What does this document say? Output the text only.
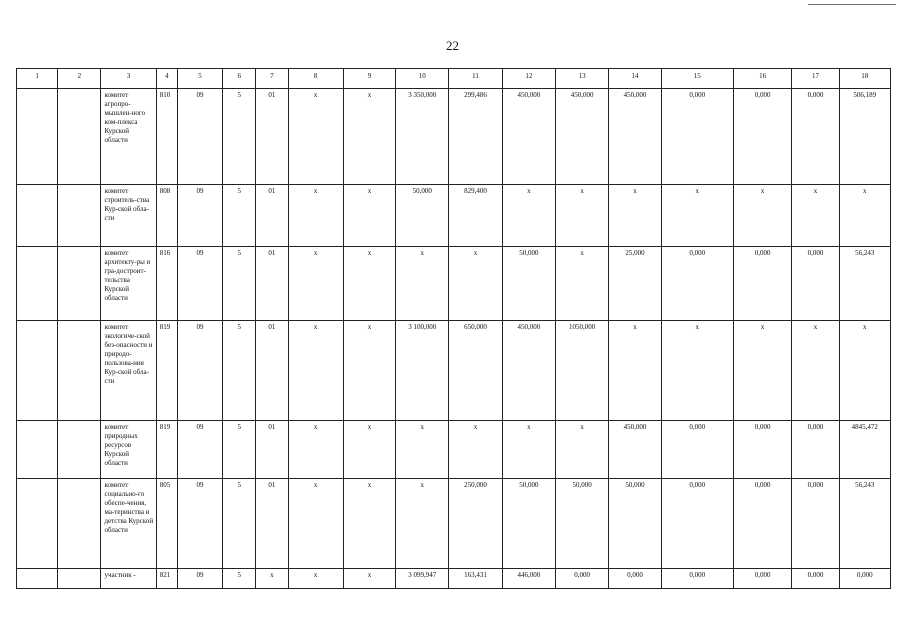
22
1	2	3	4	5	6	7	8	9	10	11	12	13	14	15	16	17	18
		комитет агропро-мышлен-ного ком-плекса Курской области	810	09	5	01	х	х	3 350,000	299,486	450,000	450,000	450,000	0,000	0,000	0,000	506,189
		комитет строитель-ства Кур-ской обла-сти	808	09	5	01	х	х	50,000	829,400	х	х	х	х	х	х	х
		комитет архитекту-ры и гра-достроит-тельства Курской области	816	09	5	01	х	х	х	х	50,000	х	25,000	0,000	0,000	0,000	56,243
		комитет экологиче-ской без-опасности и природо-пользова-ния Кур-ской обла-сти	819	09	5	01	х	х	3 100,000	650,000	450,000	1050,000	х	х	х	х	х
		комитет природных ресурсов Курской области	819	09	5	01	х	х	х	х	х	х	450,000	0,000	0,000	0,000	4845,472
		комитет социально-го обеспе-чения, ма-теринства и детства Курской области	805	09	5	01	х	х	х	250,000	50,000	50,000	50,000	0,000	0,000	0,000	56,243
		участник -	821	09	5	х	х	х	3 099,947	163,431	446,000	0,000	0,000	0,000	0,000	0,000	0,000
